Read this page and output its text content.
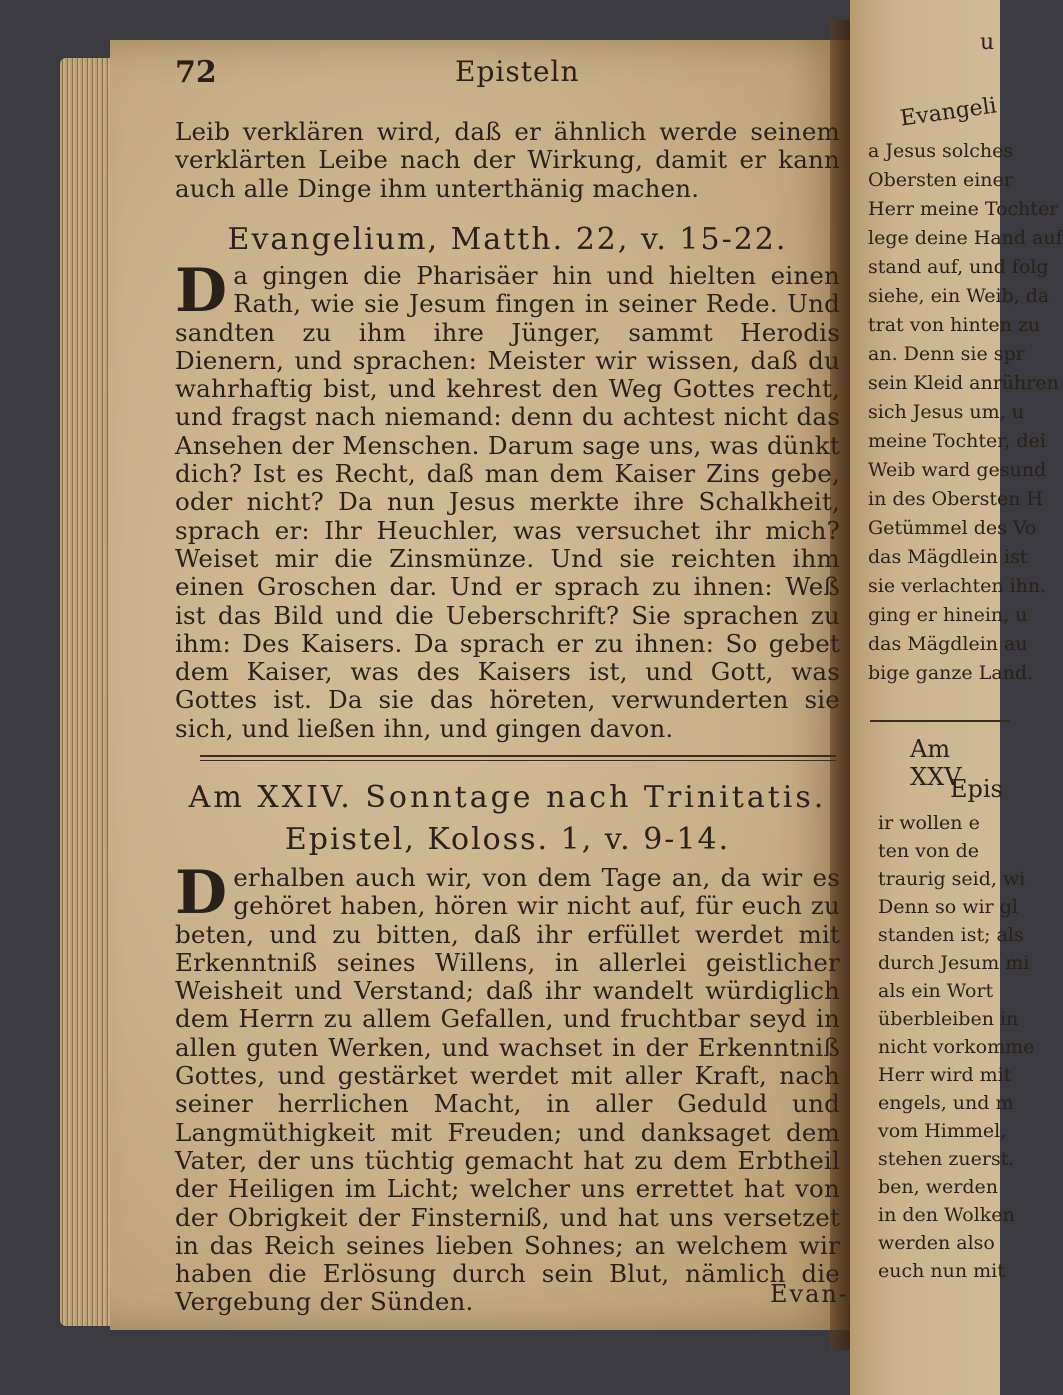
u
Evangeli
a Jesus solches
Obersten einer
Herr meine Tochter
lege deine Hand auf
stand auf, und folg
siehe, ein Weib, da
trat von hinten zu
an. Denn sie spr
sein Kleid anrühren
sich Jesus um, u
meine Tochter, dei
Weib ward gesund
in des Obersten H
Getümmel des Vo
das Mägdlein ist
sie verlachten ihn.
ging er hinein, u
das Mägdlein au
bige ganze Land.
Am XXV
Epis
ir wollen e
ten von de
traurig seid, wi
Denn so wir gl
standen ist; als
durch Jesum mi
als ein Wort
überbleiben in
nicht vorkomme
Herr wird mit
engels, und m
vom Himmel,
stehen zuerst.
ben, werden
in den Wolken
werden also
euch nun mit
72	Episteln

Leib verklären wird, daß er ähnlich werde seinem verklärten Leibe nach der Wirkung, damit er kann auch alle Dinge ihm unterthänig machen.

Evangelium, Matth. 22, v. 15-22.

Da gingen die Pharisäer hin und hielten einen Rath, wie sie Jesum fingen in seiner Rede. Und sandten zu ihm ihre Jünger, sammt Herodis Dienern, und sprachen: Meister wir wissen, daß du wahrhaftig bist, und kehrest den Weg Gottes recht, und fragst nach niemand: denn du achtest nicht das Ansehen der Menschen. Darum sage uns, was dünkt dich? Ist es Recht, daß man dem Kaiser Zins gebe, oder nicht? Da nun Jesus merkte ihre Schalkheit, sprach er: Ihr Heuchler, was versuchet ihr mich? Weiset mir die Zinsmünze. Und sie reichten ihm einen Groschen dar. Und er sprach zu ihnen: Weß ist das Bild und die Ueberschrift? Sie sprachen zu ihm: Des Kaisers. Da sprach er zu ihnen: So gebet dem Kaiser, was des Kaisers ist, und Gott, was Gottes ist. Da sie das höreten, verwunderten sie sich, und ließen ihn, und gingen davon.

Am XXIV. Sonntage nach Trinitatis.

Epistel, Koloss. 1, v. 9-14.

Derhalben auch wir, von dem Tage an, da wir es gehöret haben, hören wir nicht auf, für euch zu beten, und zu bitten, daß ihr erfüllet werdet mit Erkenntniß seines Willens, in allerlei geistlicher Weisheit und Verstand; daß ihr wandelt würdiglich dem Herrn zu allem Gefallen, und fruchtbar seyd in allen guten Werken, und wachset in der Erkenntniß Gottes, und gestärket werdet mit aller Kraft, nach seiner herrlichen Macht, in aller Geduld und Langmüthigkeit mit Freuden; und danksaget dem Vater, der uns tüchtig gemacht hat zu dem Erbtheil der Heiligen im Licht; welcher uns errettet hat von der Obrigkeit der Finsterniß, und hat uns versetzet in das Reich seines lieben Sohnes; an welchem wir haben die Erlösung durch sein Blut, nämlich die Vergebung der Sünden.	Evan-
